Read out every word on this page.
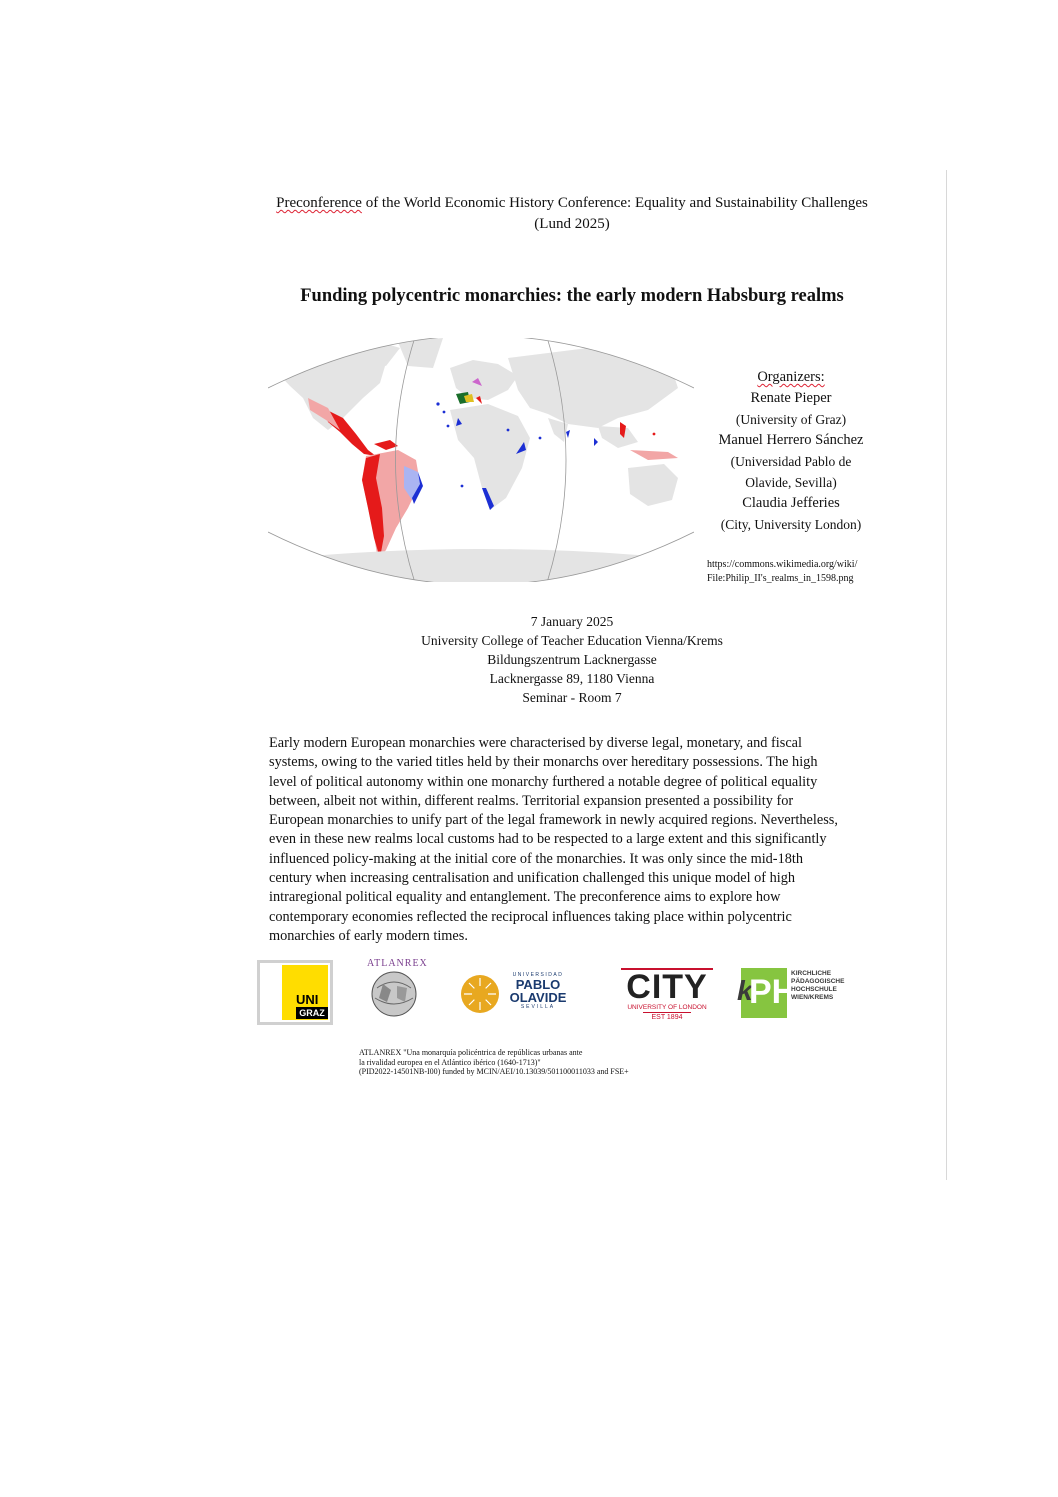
Preconference of the World Economic History Conference: Equality and Sustainability Challenges
(Lund 2025)
Funding polycentric monarchies: the early modern Habsburg realms
Organizers:
Renate Pieper
(University of Graz)
Manuel Herrero Sánchez
(Universidad Pablo de
Olavide, Sevilla)
Claudia Jefferies
(City, University London)
https://commons.wikimedia.org/wiki/
File:Philip_II's_realms_in_1598.png
7 January 2025
University College of Teacher Education Vienna/Krems
Bildungszentrum Lacknergasse
Lacknergasse 89, 1180 Vienna
Seminar - Room 7
Early modern European monarchies were characterised by diverse legal, monetary, and fiscal
systems, owing to the varied titles held by their monarchs over hereditary possessions. The high
level of political autonomy within one monarchy furthered a notable degree of political equality
between, albeit not within, different realms. Territorial expansion presented a possibility for
European monarchies to unify part of the legal framework in newly acquired regions. Nevertheless,
even in these new realms local customs had to be respected to a large extent and this significantly
influenced policy-making at the initial core of the monarchies. It was only since the mid-18th
century when increasing centralisation and unification challenged this unique model of high
intraregional political equality and entanglement. The preconference aims to explore how
contemporary economies reflected the reciprocal influences taking place within polycentric
monarchies of early modern times.
UNI
GRAZ
ATLANREX
UNIVERSIDAD
PABLO
OLAVIDE
SEVILLA
CITY
UNIVERSITY OF LONDON
EST 1894
k
PH
KIRCHLICHE
PÄDAGOGISCHE
HOCHSCHULE
WIEN/KREMS
ATLANREX "Una monarquía policéntrica de repúblicas urbanas ante
la rivalidad europea en el Atlántico ibérico (1640-1713)"
(PID2022-14501NB-I00) funded by MCIN/AEI/10.13039/501100011033 and FSE+
